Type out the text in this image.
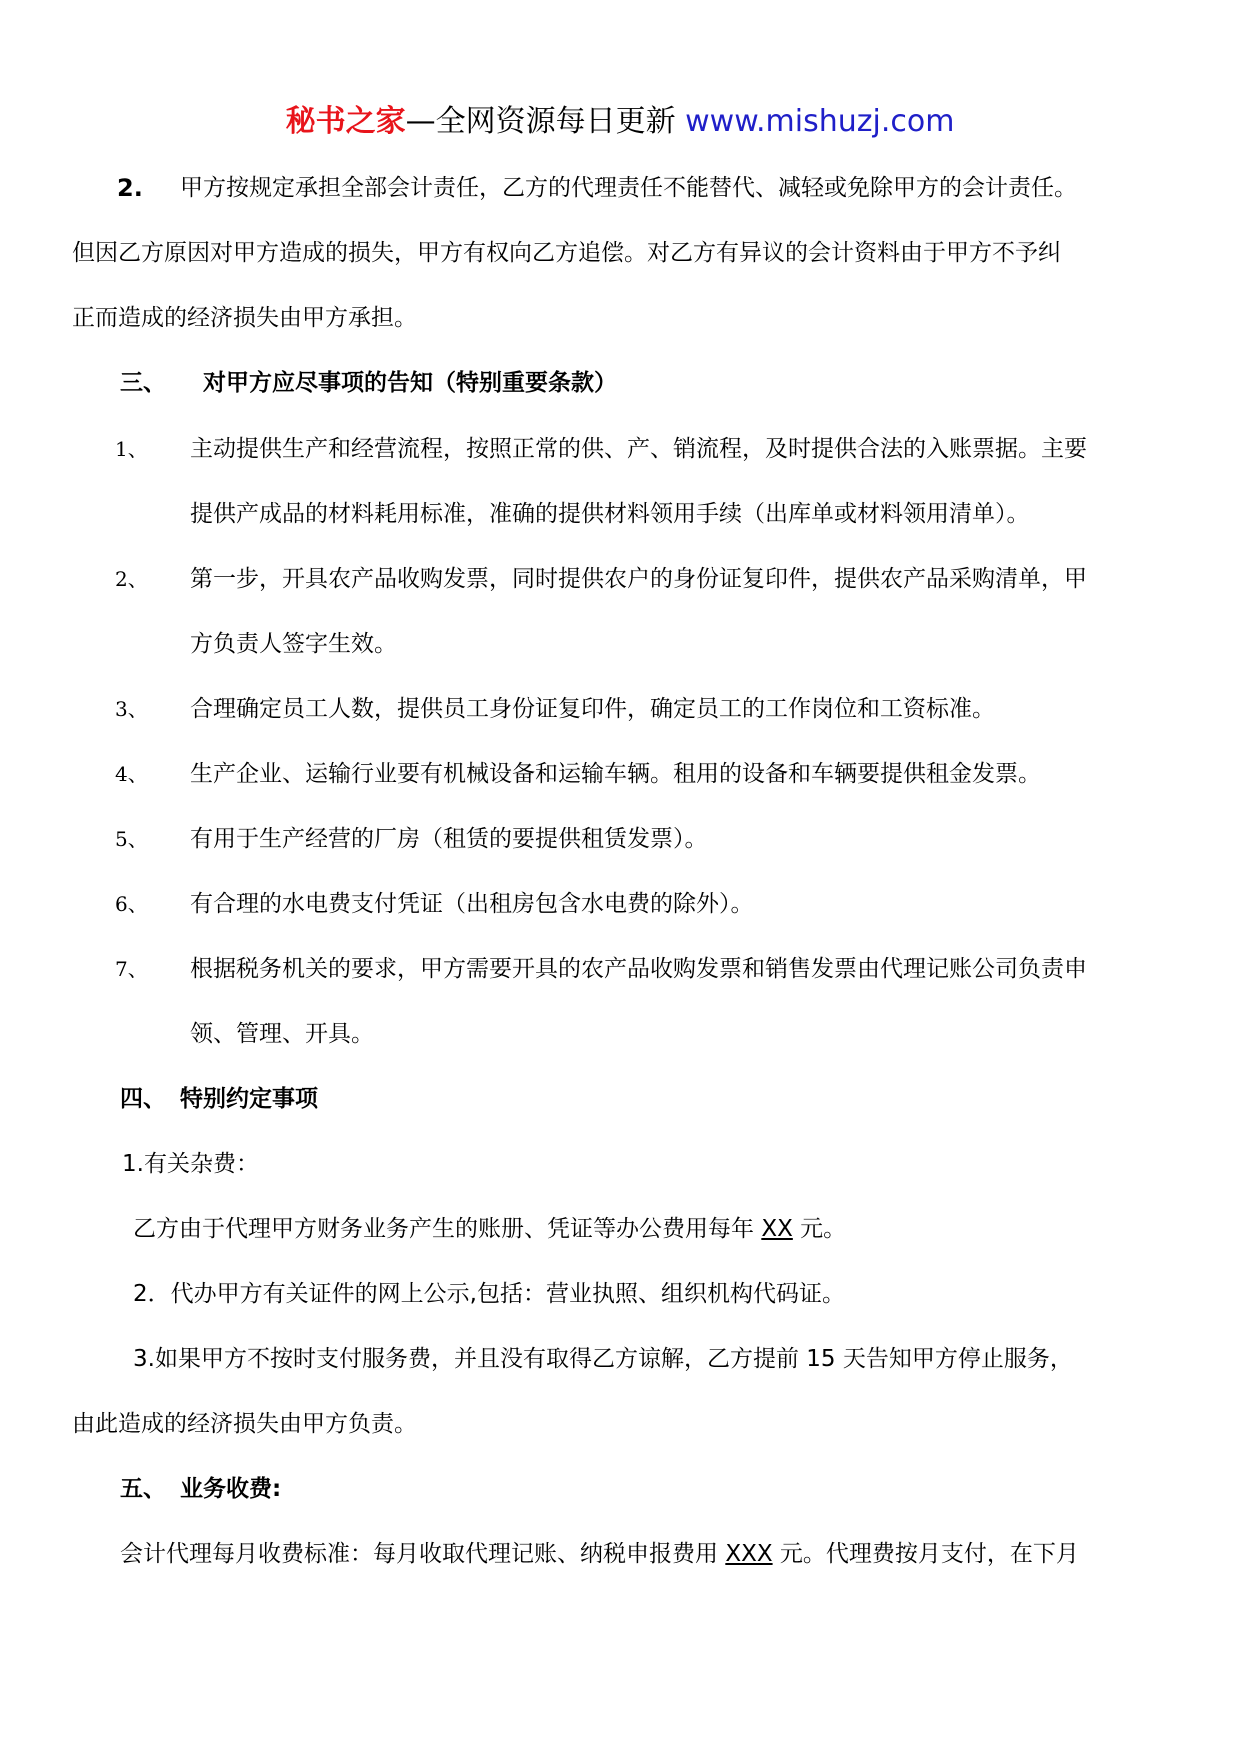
秘书之家—全网资源每日更新 www.mishuzj.com
2. 甲方按规定承担全部会计责任，乙方的代理责任不能替代、减轻或免除甲方的会计责任。
但因乙方原因对甲方造成的损失，甲方有权向乙方追偿。对乙方有异议的会计资料由于甲方不予纠
正而造成的经济损失由甲方承担。
三、 对甲方应尽事项的告知（特别重要条款）
1、 主动提供生产和经营流程，按照正常的供、产、销流程，及时提供合法的入账票据。主要
提供产成品的材料耗用标准，准确的提供材料领用手续（出库单或材料领用清单）。
2、 第一步，开具农产品收购发票，同时提供农户的身份证复印件，提供农产品采购清单，甲
方负责人签字生效。
3、 合理确定员工人数，提供员工身份证复印件，确定员工的工作岗位和工资标准。
4、 生产企业、运输行业要有机械设备和运输车辆。租用的设备和车辆要提供租金发票。
5、 有用于生产经营的厂房（租赁的要提供租赁发票）。
6、 有合理的水电费支付凭证（出租房包含水电费的除外）。
7、 根据税务机关的要求，甲方需要开具的农产品收购发票和销售发票由代理记账公司负责申
领、管理、开具。
四、 特别约定事项
1.有关杂费：
乙方由于代理甲方财务业务产生的账册、凭证等办公费用每年 XX 元。
2．代办甲方有关证件的网上公示,包括：营业执照、组织机构代码证。
3.如果甲方不按时支付服务费，并且没有取得乙方谅解，乙方提前 15 天告知甲方停止服务，
由此造成的经济损失由甲方负责。
五、 业务收费:
会计代理每月收费标准：每月收取代理记账、纳税申报费用 XXX 元。代理费按月支付，在下月
